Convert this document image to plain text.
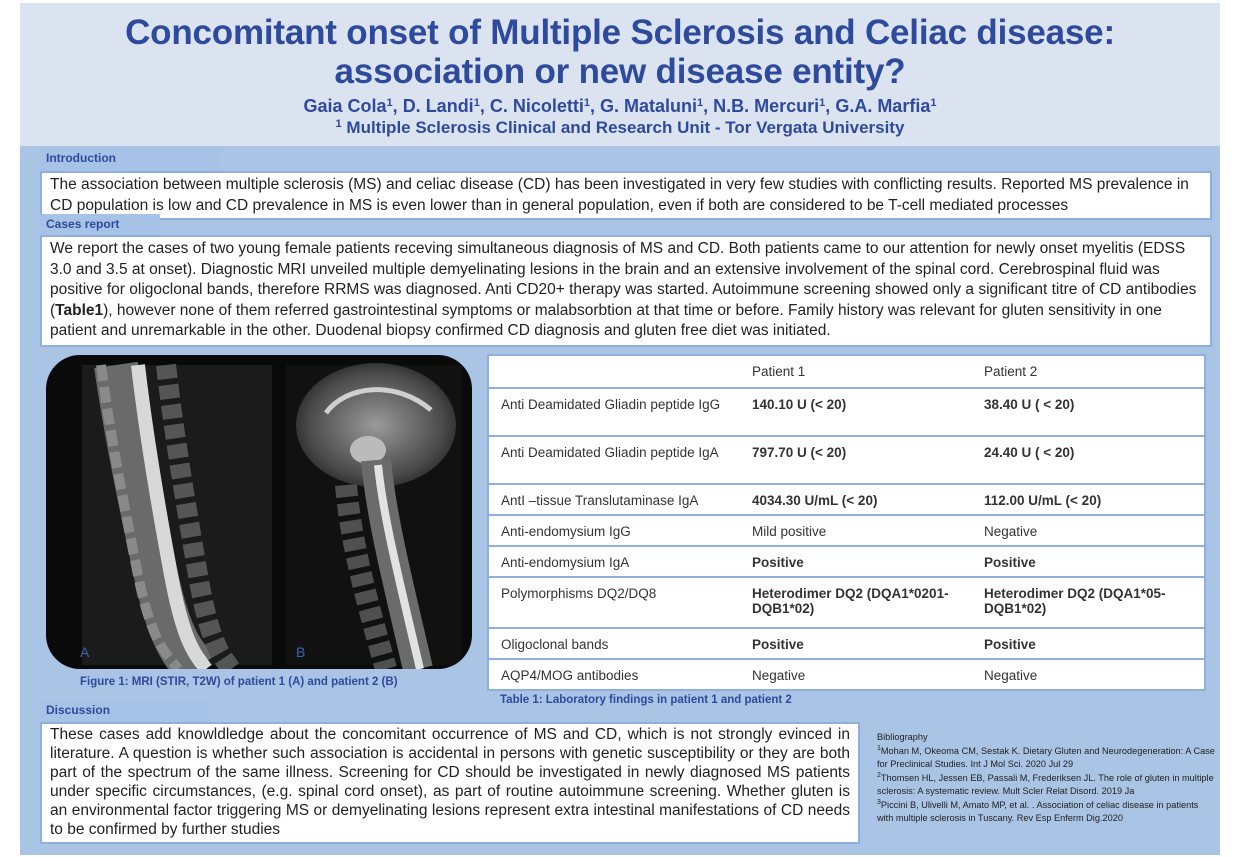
Concomitant onset of Multiple Sclerosis and Celiac disease:
association or new disease entity?
Gaia Cola$^1$, D. Landi$^1$, C. Nicoletti$^1$, G. Mataluni$^1$, N.B. Mercuri$^1$, G.A. Marfia$^1$
$^1$ Multiple Sclerosis Clinical and Research Unit - Tor Vergata University
Introduction
The association between multiple sclerosis (MS) and celiac disease (CD) has been investigated in very few studies with conflicting results. Reported MS prevalence in CD population is low and CD prevalence in MS is even lower than in general population, even if both are considered to be T-cell mediated processes
Cases report
We report the cases of two young female patients receving simultaneous diagnosis of MS and CD. Both patients came to our attention for newly onset myelitis (EDSS 3.0 and 3.5 at onset). Diagnostic MRI unveiled multiple demyelinating lesions in the brain and an extensive involvement of the spinal cord. Cerebrospinal fluid was positive for oligoclonal bands, therefore RRMS was diagnosed. Anti CD20+ therapy was started. Autoimmune screening showed only a significant titre of CD antibodies (Table1), however none of them referred gastrointestinal symptoms or malabsorbtion at that time or before. Family history was relevant for gluten sensitivity in one patient and unremarkable in the other. Duodenal biopsy confirmed CD diagnosis and gluten free diet was initiated.
A	B
Figure 1: MRI (STIR, T2W) of patient 1 (A) and patient 2 (B)
	Patient 1	Patient 2
Anti Deamidated Gliadin peptide IgG	140.10 U (< 20)	38.40 U ( < 20)
Anti Deamidated Gliadin peptide IgA	797.70 U (< 20)	24.40 U ( < 20)
AntI –tissue Translutaminase IgA	4034.30 U/mL (< 20)	112.00 U/mL (< 20)
Anti-endomysium IgG	Mild positive	Negative
Anti-endomysium IgA	Positive	Positive
Polymorphisms DQ2/DQ8	Heterodimer DQ2 (DQA1*0201-DQB1*02)	Heterodimer DQ2 (DQA1*05-DQB1*02)
Oligoclonal bands	Positive	Positive
AQP4/MOG antibodies	Negative	Negative
Table 1: Laboratory findings in patient 1 and patient 2
Discussion
These cases add knowldledge about the concomitant occurrence of MS and CD, which is not strongly evinced in literature. A question is whether such association is accidental in persons with genetic susceptibility or they are both part of the spectrum of the same illness. Screening for CD should be investigated in newly diagnosed MS patients under specific circumstances, (e.g. spinal cord onset), as part of routine autoimmune screening. Whether gluten is an environmental factor triggering MS or demyelinating lesions represent extra intestinal manifestations of CD needs to be confirmed by further studies
Bibliography
$^1$Mohan M, Okeoma CM, Sestak K. Dietary Gluten and Neurodegeneration: A Case for Preclinical Studies. Int J Mol Sci. 2020 Jul 29
$^2$Thomsen HL, Jessen EB, Passali M, Frederiksen JL. The role of gluten in multiple sclerosis: A systematic review. Mult Scler Relat Disord. 2019 Ja
$^3$Piccini B, Ulivelli M, Amato MP, et al. . Association of celiac disease in patients with multiple sclerosis in Tuscany. Rev Esp Enferm Dig.2020
